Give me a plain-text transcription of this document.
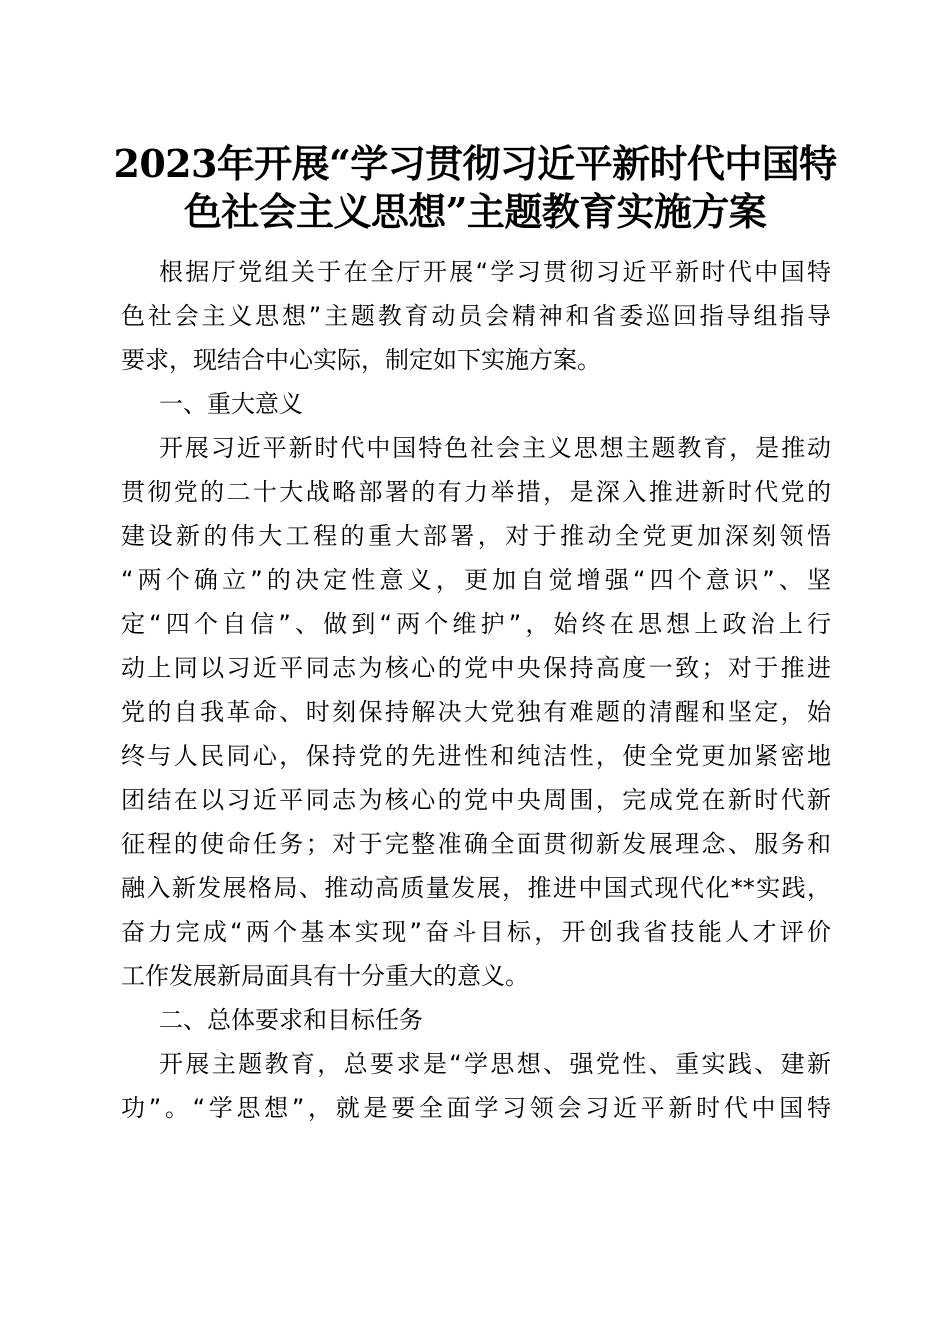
2023年开展“学习贯彻习近平新时代中国特
色社会主义思想”主题教育实施方案
根据厅党组关于在全厅开展“学习贯彻习近平新时代中国特
色社会主义思想”主题教育动员会精神和省委巡回指导组指导
要求，现结合中心实际，制定如下实施方案。
一、重大意义
开展习近平新时代中国特色社会主义思想主题教育，是推动
贯彻党的二十大战略部署的有力举措，是深入推进新时代党的
建设新的伟大工程的重大部署，对于推动全党更加深刻领悟
“两个确立”的决定性意义，更加自觉增强“四个意识”、坚
定“四个自信”、做到“两个维护”，始终在思想上政治上行
动上同以习近平同志为核心的党中央保持高度一致；对于推进
党的自我革命、时刻保持解决大党独有难题的清醒和坚定，始
终与人民同心，保持党的先进性和纯洁性，使全党更加紧密地
团结在以习近平同志为核心的党中央周围，完成党在新时代新
征程的使命任务；对于完整准确全面贯彻新发展理念、服务和
融入新发展格局、推动高质量发展，推进中国式现代化**实践，
奋力完成“两个基本实现”奋斗目标，开创我省技能人才评价
工作发展新局面具有十分重大的意义。
二、总体要求和目标任务
开展主题教育，总要求是“学思想、强党性、重实践、建新
功”。“学思想”，就是要全面学习领会习近平新时代中国特
